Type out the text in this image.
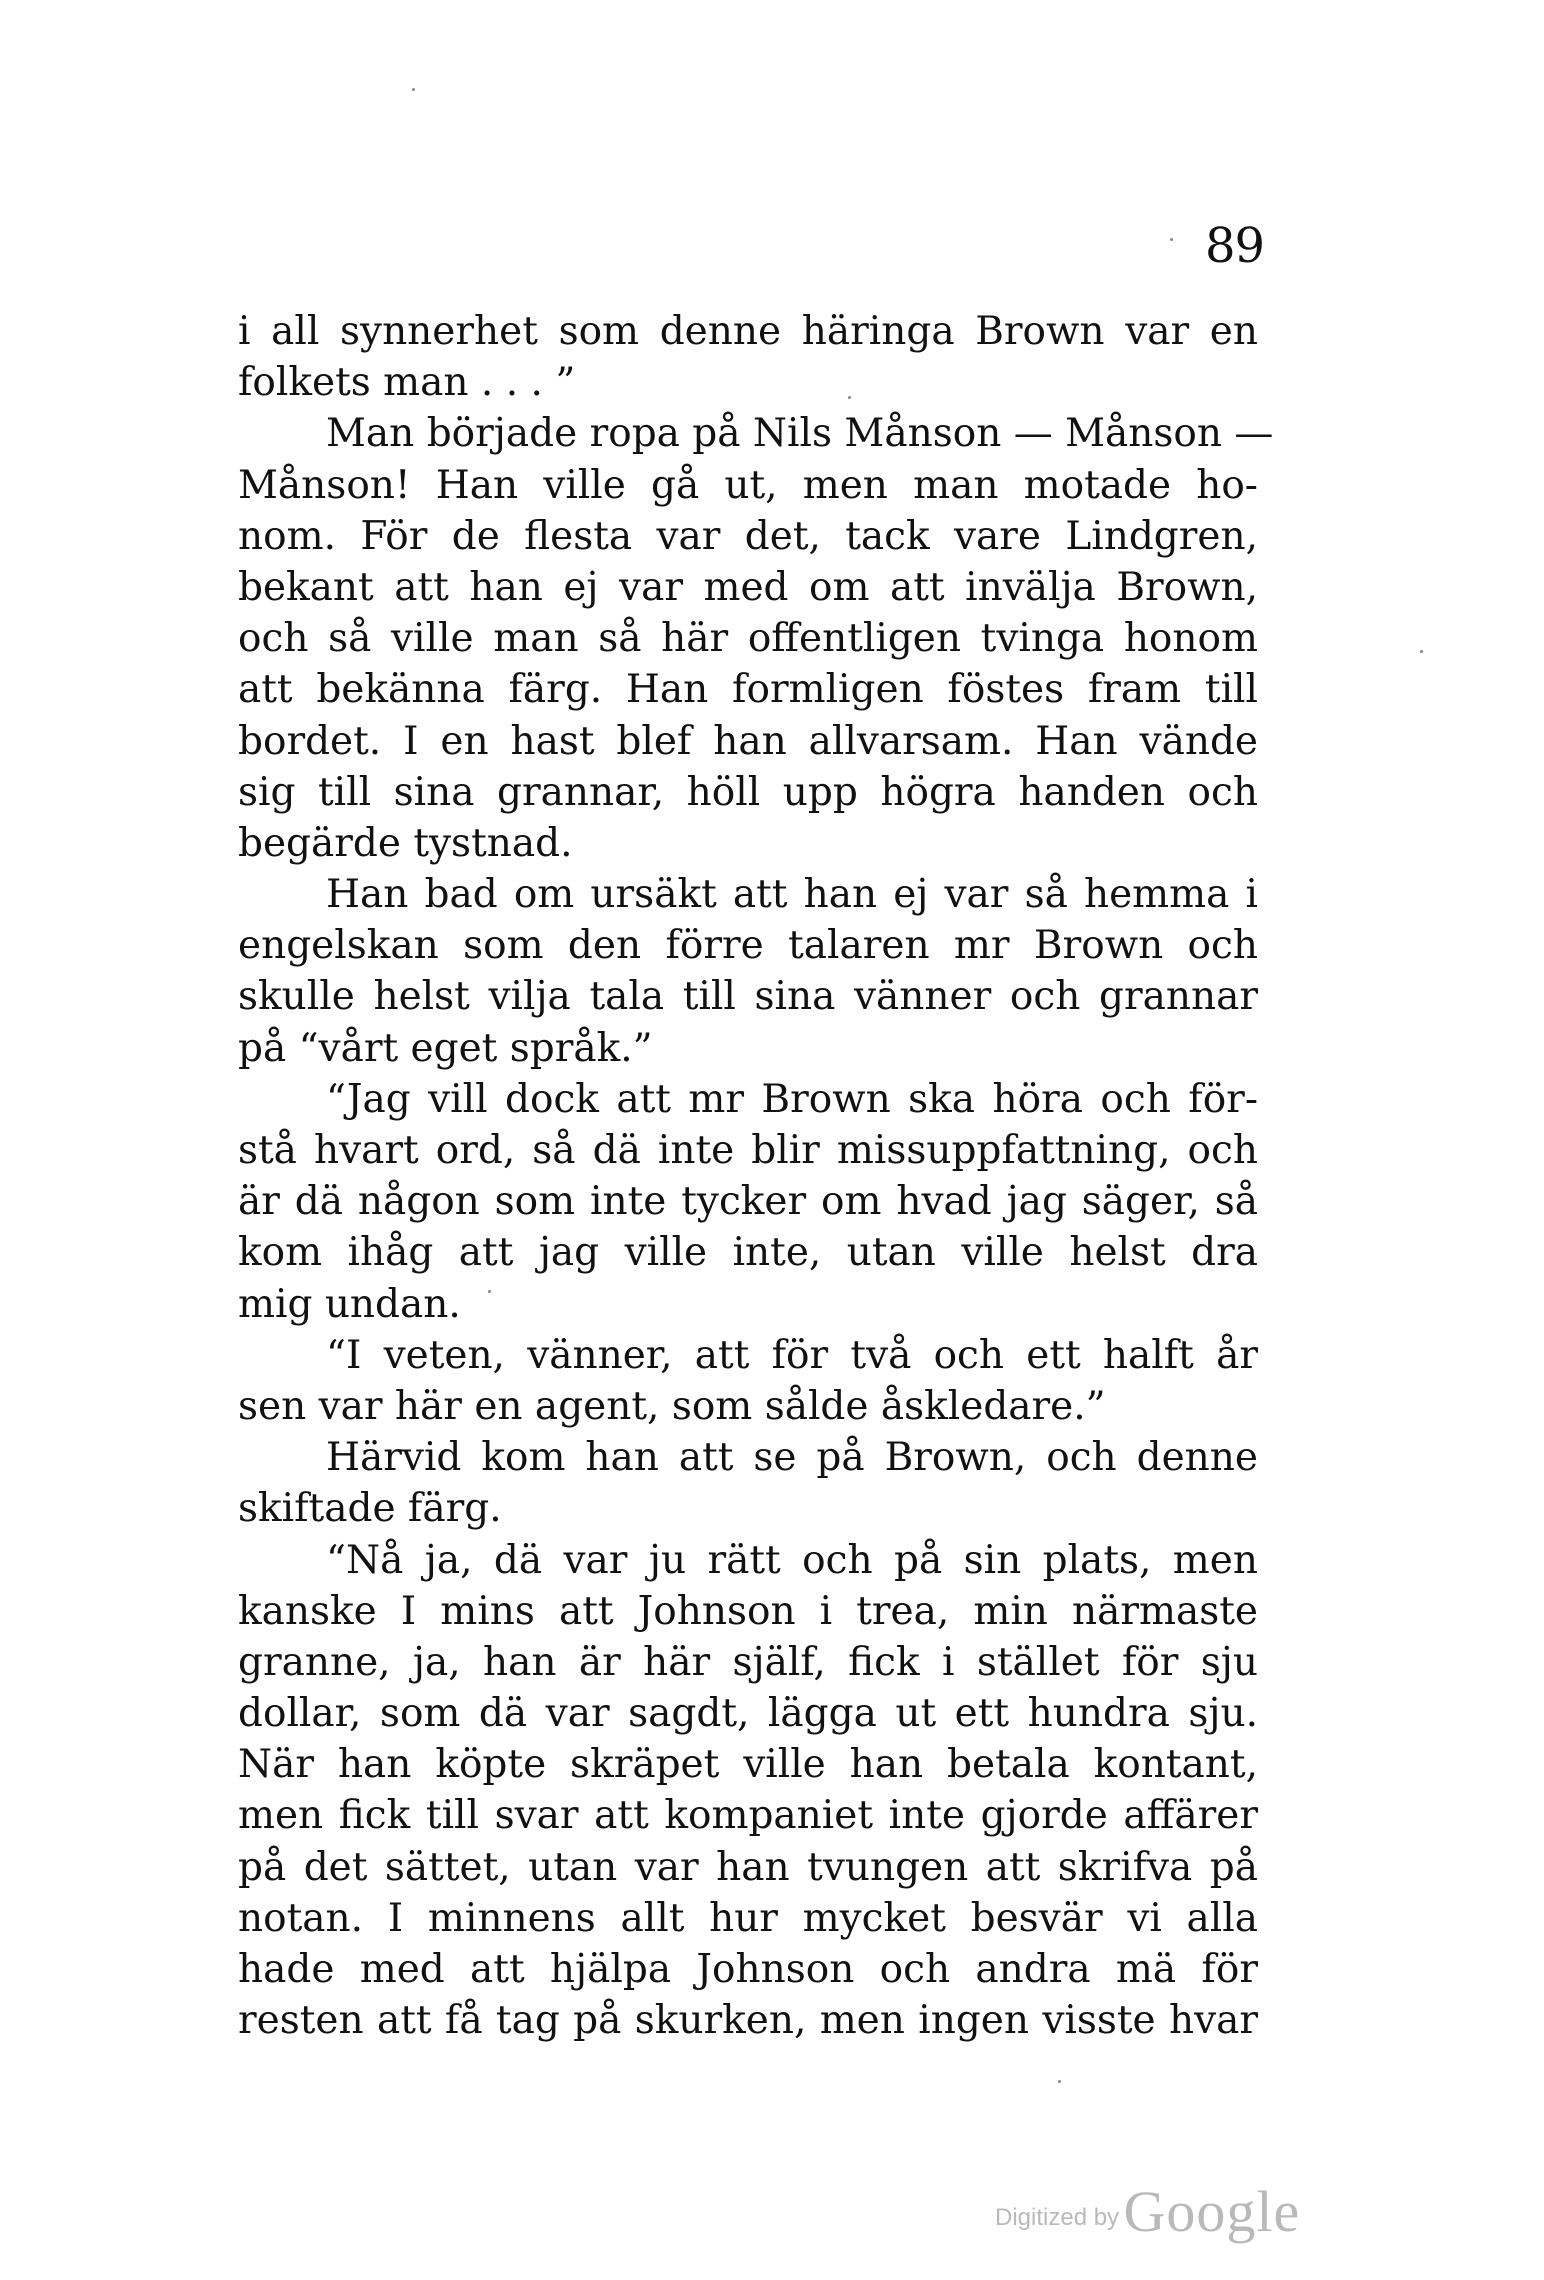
89
i all synnerhet som denne häringa Brown var en
folkets man . . . ”
Man började ropa på Nils Månson — Månson —
Månson! Han ville gå ut, men man motade ho-
nom. För de flesta var det, tack vare Lindgren,
bekant att han ej var med om att invälja Brown,
och så ville man så här offentligen tvinga honom
att bekänna färg. Han formligen föstes fram till
bordet. I en hast blef han allvarsam. Han vände
sig till sina grannar, höll upp högra handen och
begärde tystnad.
Han bad om ursäkt att han ej var så hemma i
engelskan som den förre talaren mr Brown och
skulle helst vilja tala till sina vänner och grannar
på “vårt eget språk.”
“Jag vill dock att mr Brown ska höra och för-
stå hvart ord, så dä inte blir missuppfattning, och
är dä någon som inte tycker om hvad jag säger, så
kom ihåg att jag ville inte, utan ville helst dra
mig undan.
“I veten, vänner, att för två och ett halft år
sen var här en agent, som sålde åskledare.”
Härvid kom han att se på Brown, och denne
skiftade färg.
“Nå ja, dä var ju rätt och på sin plats, men
kanske I mins att Johnson i trea, min närmaste
granne, ja, han är här själf, fick i stället för sju
dollar, som dä var sagdt, lägga ut ett hundra sju.
När han köpte skräpet ville han betala kontant,
men fick till svar att kompaniet inte gjorde affärer
på det sättet, utan var han tvungen att skrifva på
notan. I minnens allt hur mycket besvär vi alla
hade med att hjälpa Johnson och andra mä för
resten att få tag på skurken, men ingen visste hvar
Digitized by Google
